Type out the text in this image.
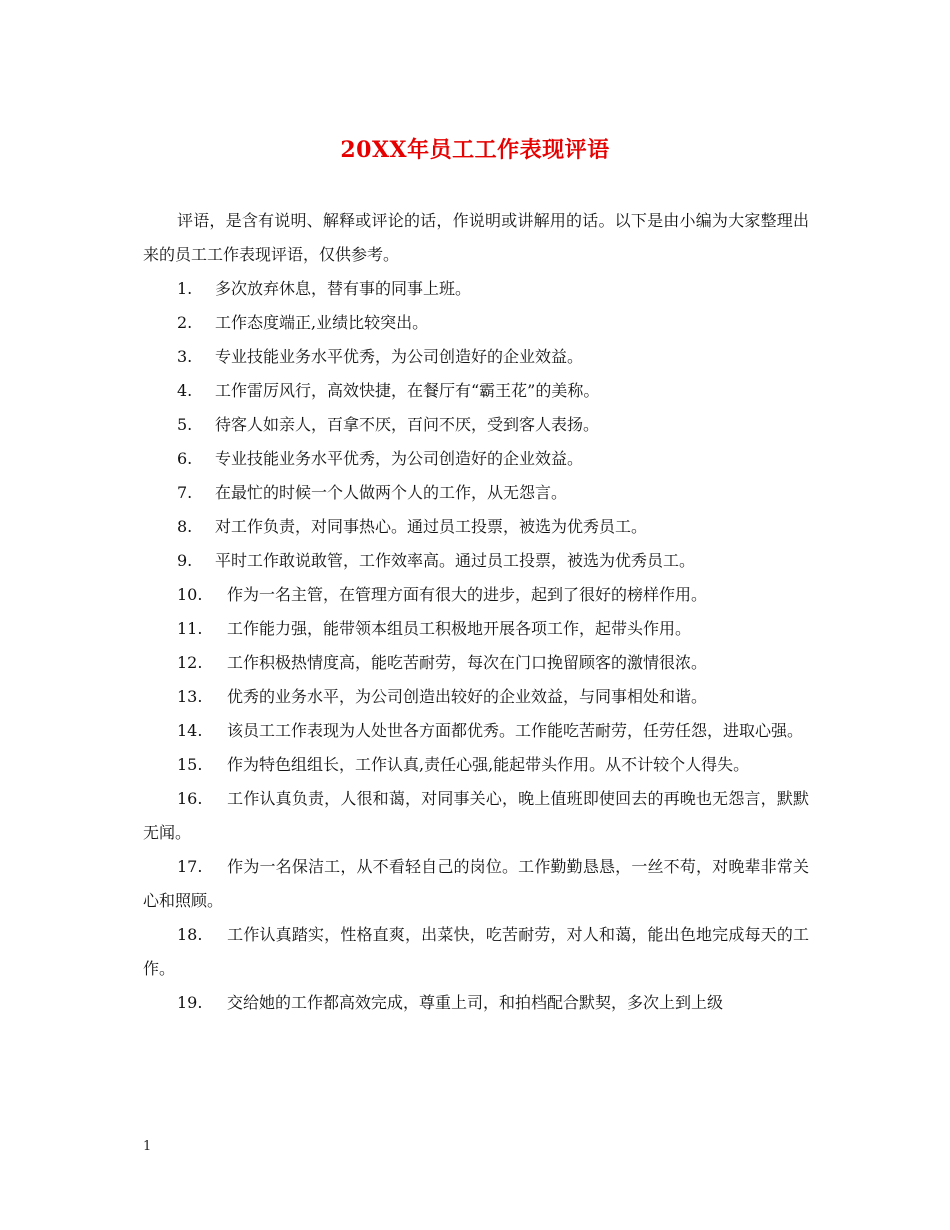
20XX年员工工作表现评语

评语，是含有说明、解释或评论的话，作说明或讲解用的话。以下是由小编为大家整理出来的员工工作表现评语，仅供参考。

1. 多次放弃休息，替有事的同事上班。
2. 工作态度端正,业绩比较突出。
3. 专业技能业务水平优秀，为公司创造好的企业效益。
4. 工作雷厉风行，高效快捷，在餐厅有“霸王花”的美称。
5. 待客人如亲人，百拿不厌，百问不厌，受到客人表扬。
6. 专业技能业务水平优秀，为公司创造好的企业效益。
7. 在最忙的时候一个人做两个人的工作，从无怨言。
8. 对工作负责，对同事热心。通过员工投票，被选为优秀员工。
9. 平时工作敢说敢管，工作效率高。通过员工投票，被选为优秀员工。
10. 作为一名主管，在管理方面有很大的进步，起到了很好的榜样作用。
11. 工作能力强，能带领本组员工积极地开展各项工作，起带头作用。
12. 工作积极热情度高，能吃苦耐劳，每次在门口挽留顾客的激情很浓。
13. 优秀的业务水平，为公司创造出较好的企业效益，与同事相处和谐。
14. 该员工工作表现为人处世各方面都优秀。工作能吃苦耐劳，任劳任怨，进取心强。
15. 作为特色组组长，工作认真,责任心强,能起带头作用。从不计较个人得失。
16. 工作认真负责，人很和蔼，对同事关心，晚上值班即使回去的再晚也无怨言，默默无闻。
17. 作为一名保洁工，从不看轻自己的岗位。工作勤勤恳恳，一丝不苟，对晚辈非常关心和照顾。
18. 工作认真踏实，性格直爽，出菜快，吃苦耐劳，对人和蔼，能出色地完成每天的工作。
19. 交给她的工作都高效完成，尊重上司，和拍档配合默契，多次上到上级
1
